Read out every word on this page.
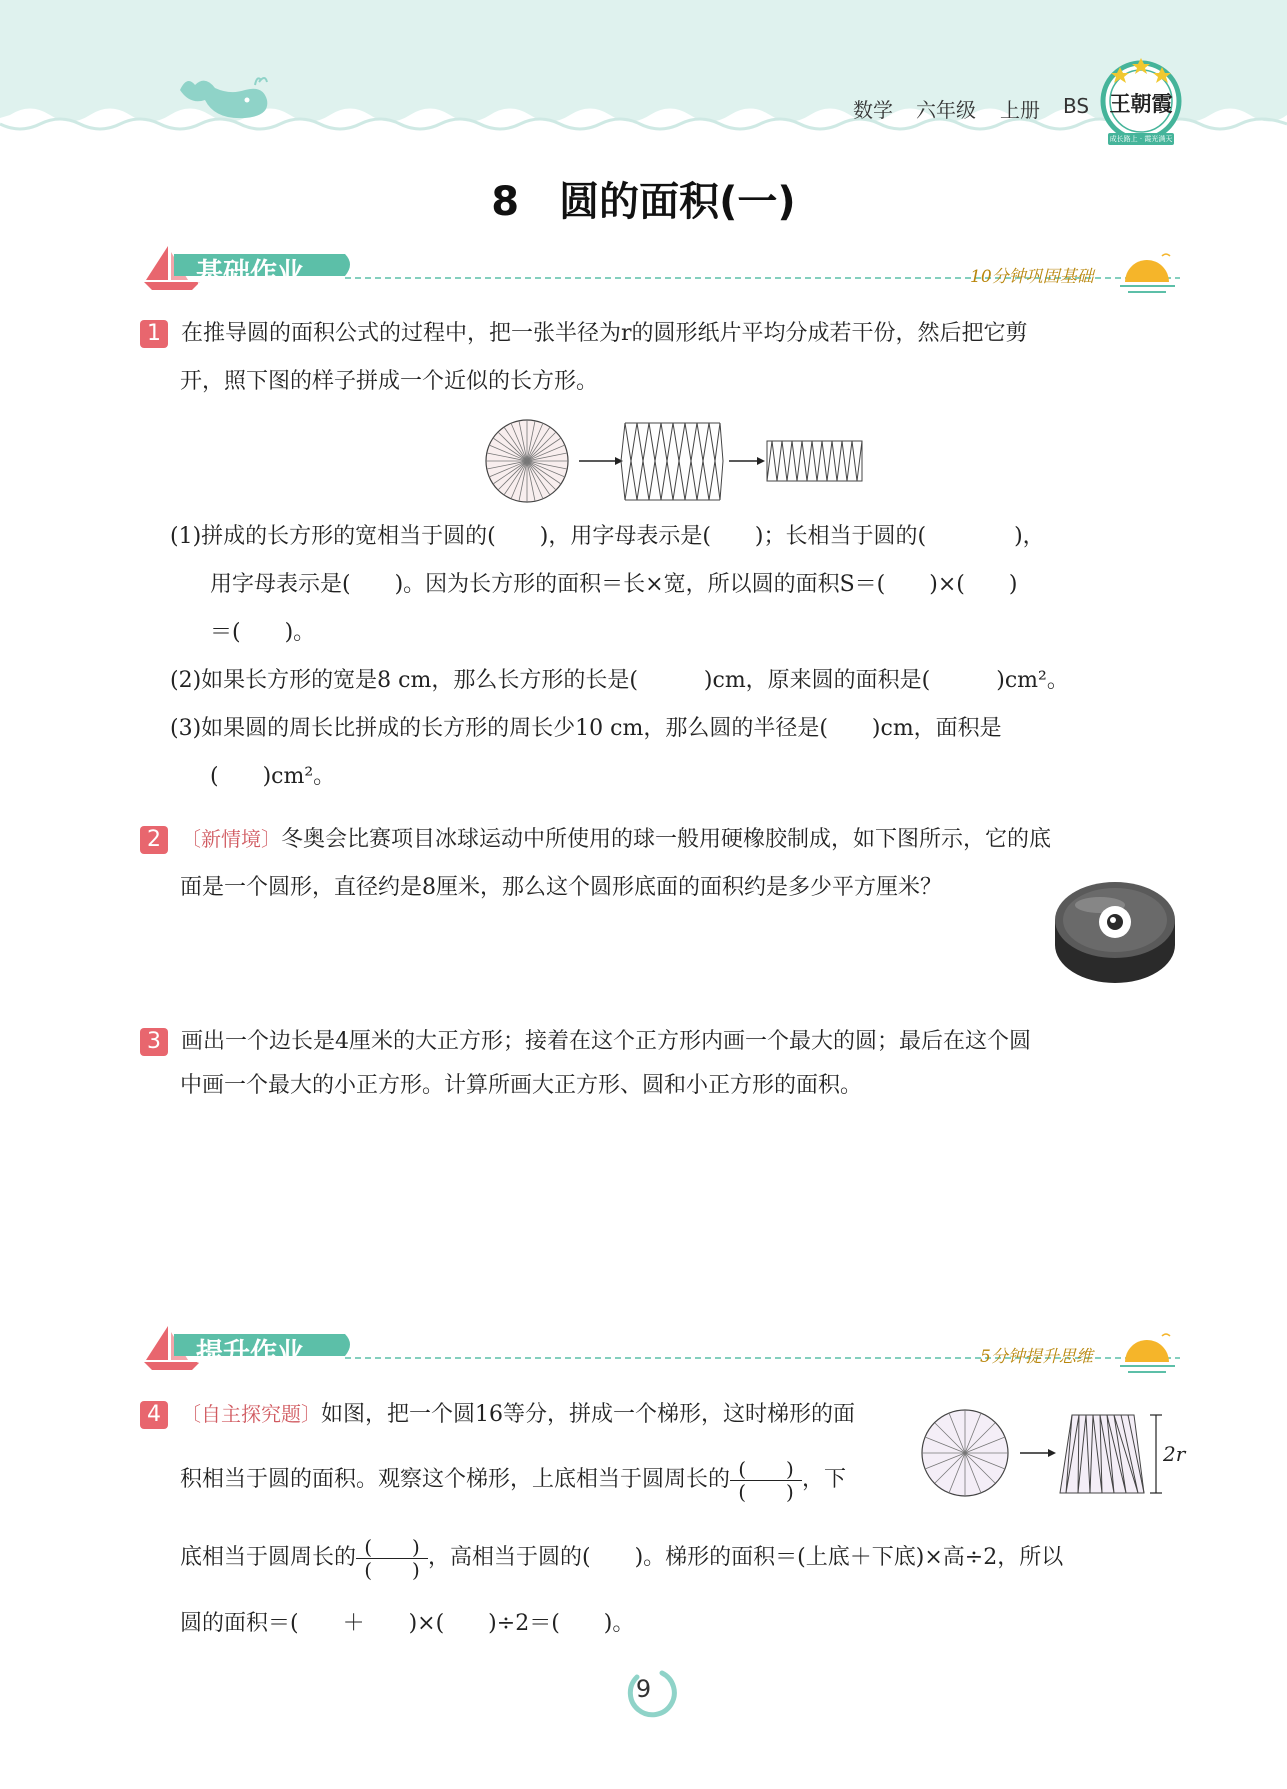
数学 六年级 上册 BS 王朝霞
成长路上 · 霞光满天
8　圆的面积(一)
基础作业	10分钟巩固基础
1 在推导圆的面积公式的过程中，把一张半径为r的圆形纸片平均分成若干份，然后把它剪
开，照下图的样子拼成一个近似的长方形。
(1)拼成的长方形的宽相当于圆的(　　)，用字母表示是(　　)；长相当于圆的(　　　　)，
用字母表示是(　　)。因为长方形的面积＝长×宽，所以圆的面积S＝(　　)×(　　)
＝(　　)。
(2)如果长方形的宽是8 cm，那么长方形的长是(　　　)cm，原来圆的面积是(　　　)cm²。
(3)如果圆的周长比拼成的长方形的周长少10 cm，那么圆的半径是(　　)cm，面积是
(　　)cm²。
2 〔新情境〕冬奥会比赛项目冰球运动中所使用的球一般用硬橡胶制成，如下图所示，它的底
面是一个圆形，直径约是8厘米，那么这个圆形底面的面积约是多少平方厘米？
3 画出一个边长是4厘米的大正方形；接着在这个正方形内画一个最大的圆；最后在这个圆
中画一个最大的小正方形。计算所画大正方形、圆和小正方形的面积。
提升作业	5分钟提升思维
4 〔自主探究题〕如图，把一个圆16等分，拼成一个梯形，这时梯形的面
积相当于圆的面积。观察这个梯形，上底相当于圆周长的 $\frac{( )}{( )}$ ，下
底相当于圆周长的 $\frac{( )}{( )}$ ，高相当于圆的(　　)。梯形的面积＝(上底＋下底)×高÷2，所以
圆的面积＝(　　＋　　)×(　　)÷2＝(　　)。
2r
9
